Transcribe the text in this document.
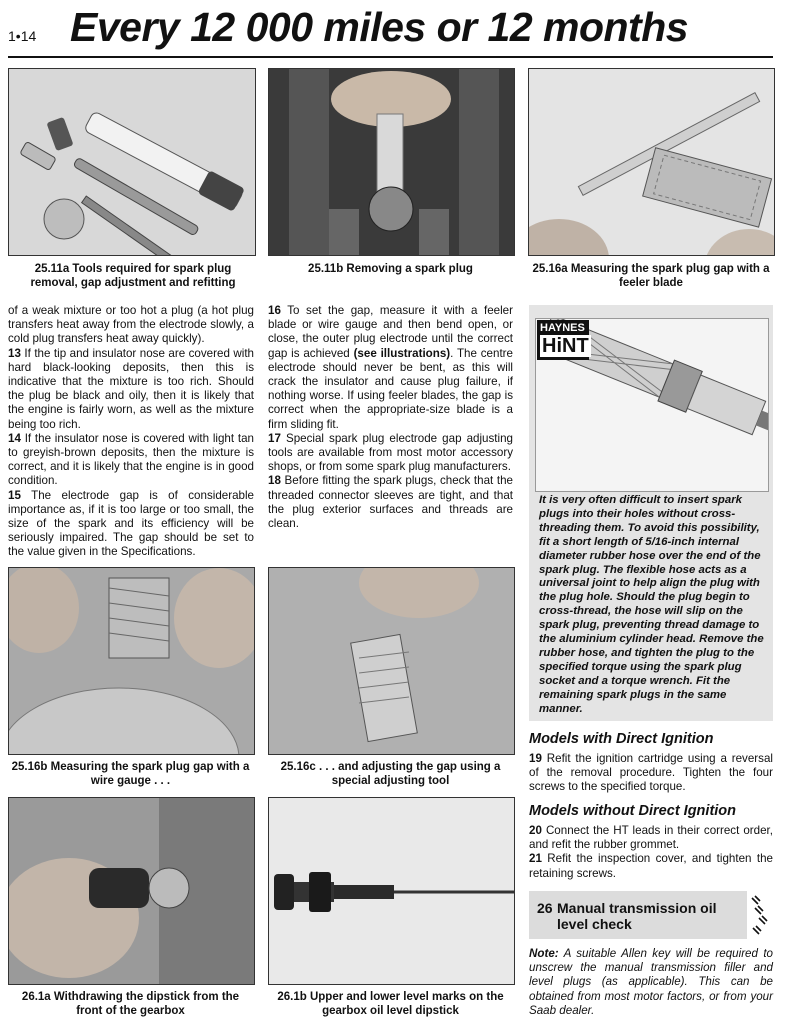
1•14 Every 12 000 miles or 12 months
25.11a Tools required for spark plug removal, gap adjustment and refitting
25.11b Removing a spark plug	25.16a Measuring the spark plug gap with a feeler blade

of a weak mixture or too hot a plug (a hot plug transfers heat away from the electrode slowly, a cold plug transfers heat away quickly).

13 If the tip and insulator nose are covered with hard black-looking deposits, then this is indicative that the mixture is too rich. Should the plug be black and oily, then it is likely that the engine is fairly worn, as well as the mixture being too rich.

14 If the insulator nose is covered with light tan to greyish-brown deposits, then the mixture is correct, and it is likely that the engine is in good condition.

15 The electrode gap is of considerable importance as, if it is too large or too small, the size of the spark and its efficiency will be seriously impaired. The gap should be set to the value given in the Specifications.

16 To set the gap, measure it with a feeler blade or wire gauge and then bend open, or close, the outer plug electrode until the correct gap is achieved (see illustrations). The centre electrode should never be bent, as this will crack the insulator and cause plug failure, if nothing worse. If using feeler blades, the gap is correct when the appropriate-size blade is a firm sliding fit.

17 Special spark plug electrode gap adjusting tools are available from most motor accessory shops, or from some spark plug manufacturers.

18 Before fitting the spark plugs, check that the threaded connector sleeves are tight, and that the plug exterior surfaces and threads are clean.

HAYNES
HiNT
It is very often difficult to insert spark plugs into their holes without cross-threading them. To avoid this possibility, fit a short length of 5/16-inch internal diameter rubber hose over the end of the spark plug. The flexible hose acts as a universal joint to help align the plug with the plug hole. Should the plug begin to cross-thread, the hose will slip on the spark plug, preventing thread damage to the aluminium cylinder head. Remove the rubber hose, and tighten the plug to the specified torque using the spark plug socket and a torque wrench. Fit the remaining spark plugs in the same manner.
25.16b Measuring the spark plug gap with a wire gauge . . .
25.16c . . . and adjusting the gap using a special adjusting tool
26.1a Withdrawing the dipstick from the front of the gearbox
26.1b Upper and lower level marks on the gearbox oil level dipstick
Models with Direct Ignition
19 Refit the ignition cartridge using a reversal of the removal procedure. Tighten the four screws to the specified torque.
Models without Direct Ignition

20 Connect the HT leads in their correct order, and refit the rubber grommet.

21 Refit the inspection cover, and tighten the retaining screws.

26 Manual transmission oil level check
Note: A suitable Allen key will be required to unscrew the manual transmission filler and level plugs (as applicable). This can be obtained from most motor factors, or from your Saab dealer.
